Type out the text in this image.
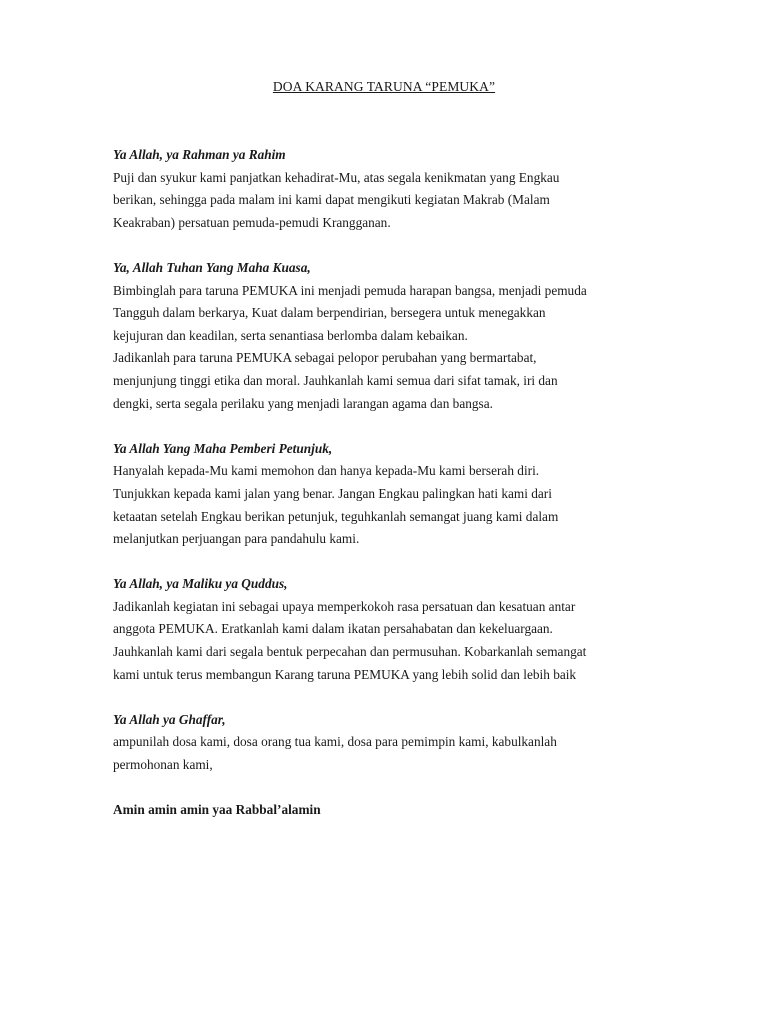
DOA KARANG TARUNA “PEMUKA”
Ya Allah, ya Rahman ya Rahim
Puji dan syukur kami panjatkan kehadirat-Mu, atas segala kenikmatan yang Engkau
berikan, sehingga pada malam ini kami dapat mengikuti kegiatan Makrab (Malam
Keakraban) persatuan pemuda-pemudi Krangganan.
Ya, Allah Tuhan Yang Maha Kuasa,
Bimbinglah para taruna PEMUKA ini menjadi pemuda harapan bangsa, menjadi pemuda
Tangguh dalam berkarya, Kuat dalam berpendirian, bersegera untuk menegakkan
kejujuran dan keadilan, serta senantiasa berlomba dalam kebaikan.
Jadikanlah para taruna PEMUKA sebagai pelopor perubahan yang bermartabat,
menjunjung tinggi etika dan moral. Jauhkanlah kami semua dari sifat tamak, iri dan
dengki, serta segala perilaku yang menjadi larangan agama dan bangsa.
Ya Allah Yang Maha Pemberi Petunjuk,
Hanyalah kepada-Mu kami memohon dan hanya kepada-Mu kami berserah diri.
Tunjukkan kepada kami jalan yang benar. Jangan Engkau palingkan hati kami dari
ketaatan setelah Engkau berikan petunjuk, teguhkanlah semangat juang kami dalam
melanjutkan perjuangan para pandahulu kami.
Ya Allah, ya Maliku ya Quddus,
Jadikanlah kegiatan ini sebagai upaya memperkokoh rasa persatuan dan kesatuan antar
anggota PEMUKA. Eratkanlah kami dalam ikatan persahabatan dan kekeluargaan.
Jauhkanlah kami dari segala bentuk perpecahan dan permusuhan. Kobarkanlah semangat
kami untuk terus membangun Karang taruna PEMUKA yang lebih solid dan lebih baik
Ya Allah ya Ghaffar,
ampunilah dosa kami, dosa orang tua kami, dosa para pemimpin kami, kabulkanlah
permohonan kami,
Amin amin amin yaa Rabbal’alamin
